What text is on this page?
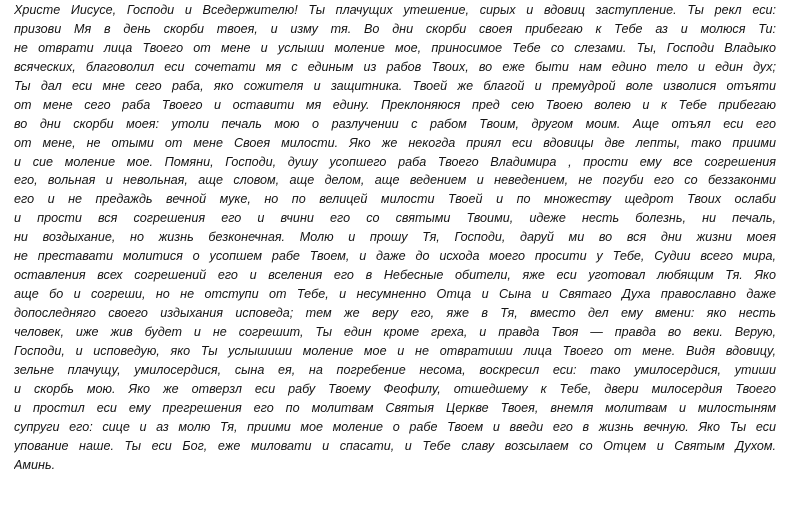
Христе Иисусе, Господи и Вседержителю! Ты плачущих утешение, сирых и вдовиц заступление. Ты рекл еси:
призови Мя в день скорби твоея, и изму тя. Во дни скорби своея прибегаю к Тебе аз и молюся Ти:
не отврати лица Твоего от мене и услыши моление мое, приносимое Тебе со слезами. Ты, Господи Владыко
всяческих, благоволил еси сочетати мя с единым из рабов Твоих, во еже быти нам едино тело и един дух;
Ты дал еси мне сего раба, яко сожителя и защитника. Твоей же благой и премудрой воле изволися отъяти
от мене сего раба Твоего и оставити мя едину. Преклоняюся пред сею Твоею волею и к Тебе прибегаю
во дни скорби моея: утоли печаль мою о разлучении с рабом Твоим, другом моим. Аще отъял еси его
от мене, не отыми от мене Своея милости. Яко же некогда приял еси вдовицы две лепты, тако приими
и сие моление мое. Помяни, Господи, душу усопшего раба Твоего Владимира , прости ему все согрешения
его, вольная и невольная, аще словом, аще делом, аще ведением и неведением, не погуби его со беззаконми
его и не предаждь вечной муке, но по велицей милости Твоей и по множеству щедрот Твоих ослаби
и прости вся согрешения его и вчини его со святыми Твоими, идеже несть болезнь, ни печаль,
ни воздыхание, но жизнь безконечная. Молю и прошу Тя, Господи, даруй ми во вся дни жизни моея
не преставати молитися о усопшем рабе Твоем, и даже до исхода моего просити у Тебе, Судии всего мира,
оставления всех согрешений его и вселения его в Небесные обители, яже еси уготовал любящим Тя. Яко
аще бо и согреши, но не отступи от Тебе, и несумненно Отца и Сына и Святаго Духа православно даже
допоследняго своего издыхания исповеда; тем же веру его, яже в Тя, вместо дел ему вмени: яко несть
человек, иже жив будет и не согрешит, Ты един кроме греха, и правда Твоя — правда во веки. Верую,
Господи, и исповедую, яко Ты услышиши моление мое и не отвратиши лица Твоего от мене. Видя вдовицу,
зельне плачущу, умилосердися, сына ея, на погребение несома, воскресил еси: тако умилосердися, утиши
и скорбь мою. Яко же отверзл еси рабу Твоему Феофилу, отшедшему к Тебе, двери милосердия Твоего
и простил еси ему прегрешения его по молитвам Святыя Церкве Твоея, внемля молитвам и милостыням
супруги его: сице и аз молю Тя, приими мое моление о рабе Твоем и введи его в жизнь вечную. Яко Ты еси
упование наше. Ты еси Бог, еже миловати и спасати, и Тебе славу возсылаем со Отцем и Святым Духом.
Аминь.
